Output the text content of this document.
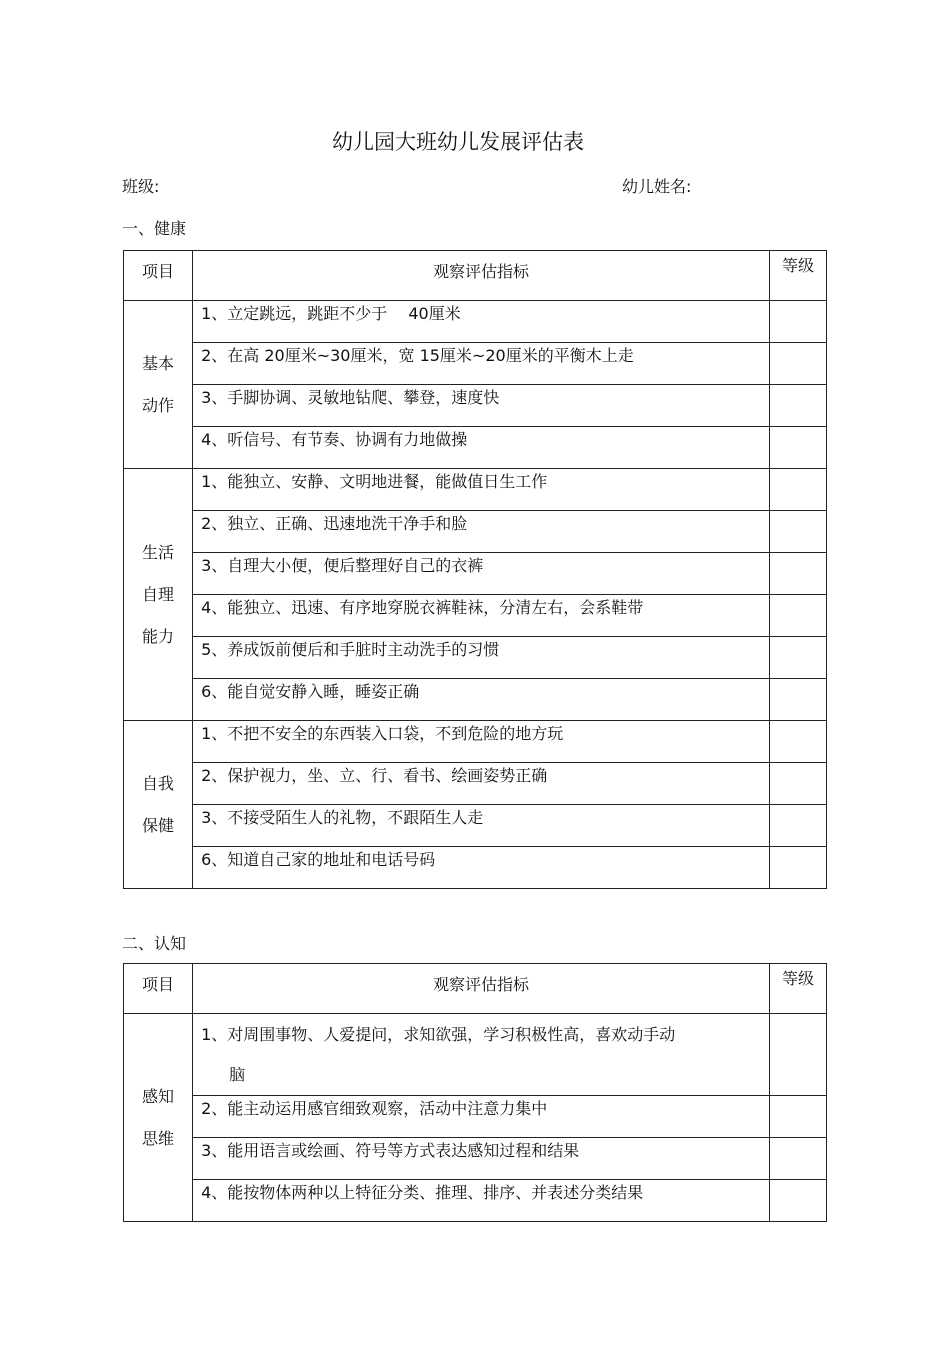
幼儿园大班幼儿发展评估表
班级:	幼儿姓名:
一、健康
项目	观察评估指标	等级
基本
动作	1、立定跳远，跳距不少于　 40厘米	
	2、在高 20厘米~30厘米，宽 15厘米~20厘米的平衡木上走	
	3、手脚协调、灵敏地钻爬、攀登，速度快	
	4、听信号、有节奏、协调有力地做操	
生活
自理
能力	1、能独立、安静、文明地进餐，能做值日生工作	
	2、独立、正确、迅速地洗干净手和脸	
	3、自理大小便，便后整理好自己的衣裤	
	4、能独立、迅速、有序地穿脱衣裤鞋袜，分清左右，会系鞋带	
	5、养成饭前便后和手脏时主动洗手的习惯	
	6、能自觉安静入睡，睡姿正确	
自我
保健	1、不把不安全的东西装入口袋，不到危险的地方玩	
	2、保护视力，坐、立、行、看书、绘画姿势正确	
	3、不接受陌生人的礼物，不跟陌生人走	
	6、知道自己家的地址和电话号码	
二、认知
项目	观察评估指标	等级
感知
思维	1、对周围事物、人爱提问，求知欲强，学习积极性高，喜欢动手动
脑	

	2、能主动运用感官细致观察，活动中注意力集中	
	3、能用语言或绘画、符号等方式表达感知过程和结果	
	4、能按物体两种以上特征分类、推理、排序、并表述分类结果	
